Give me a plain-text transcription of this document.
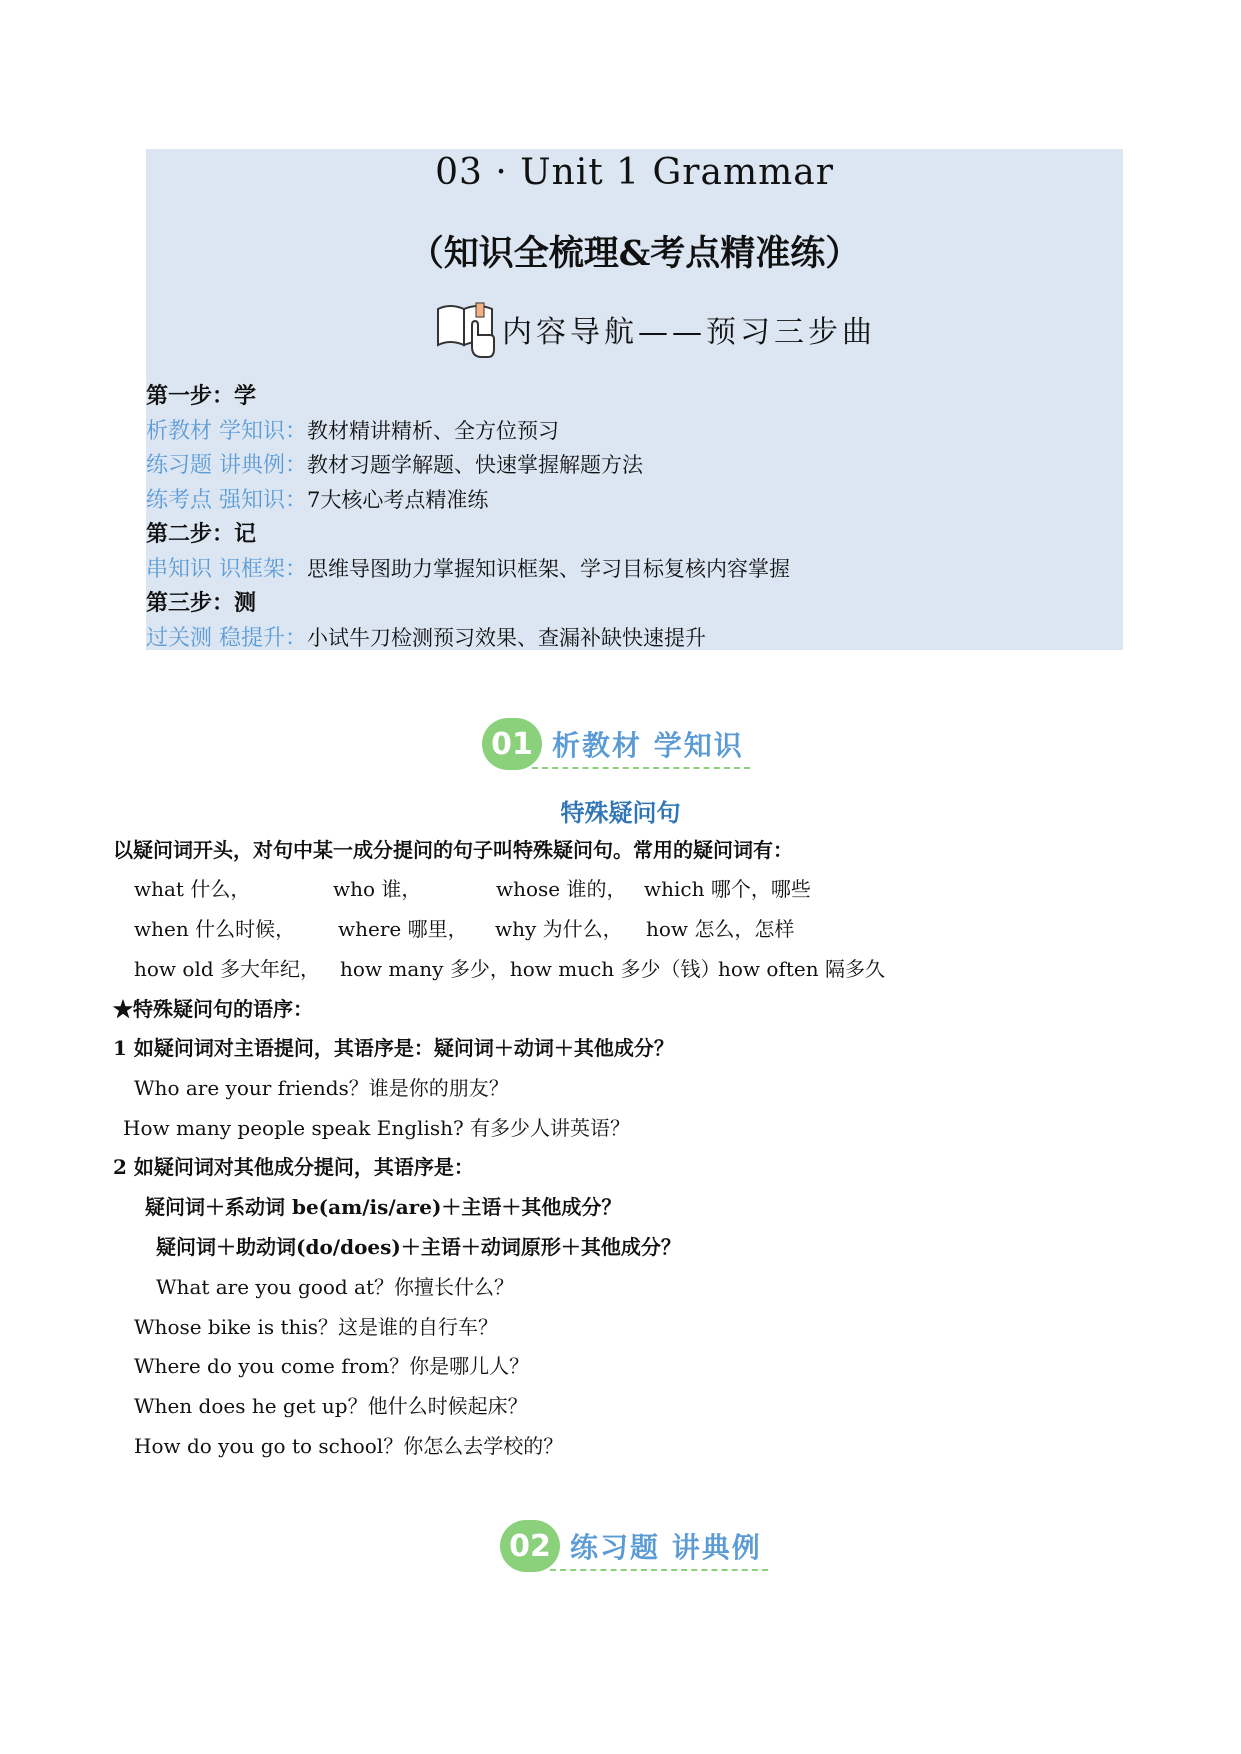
03 · Unit 1 Grammar
（知识全梳理&考点精准练）
内容导航——预习三步曲
第一步：学
析教材 学知识：教材精讲精析、全方位预习
练习题 讲典例：教材习题学解题、快速掌握解题方法
练考点 强知识：7大核心考点精准练
第二步：记
串知识 识框架：思维导图助力掌握知识框架、学习目标复核内容掌握
第三步：测
过关测 稳提升：小试牛刀检测预习效果、查漏补缺快速提升
01 析教材 学知识
特殊疑问句
以疑问词开头，对句中某一成分提问的句子叫特殊疑问句。常用的疑问词有：
what 什么，	who 谁，	whose 谁的， which 哪个，哪些
when 什么时候， where 哪里， why 为什么， how 怎么，怎样
how old 多大年纪， how many 多少，how much 多少（钱）
how often 隔多久
★特殊疑问句的语序：
1 如疑问词对主语提问，其语序是：疑问词＋动词＋其他成分？
Who are your friends？谁是你的朋友？
How many people speak English? 有多少人讲英语？
2 如疑问词对其他成分提问，其语序是：
疑问词＋系动词 be(am/is/are)＋主语＋其他成分？
疑问词＋助动词(do/does)＋主语＋动词原形＋其他成分？
What are you good at？你擅长什么？
Whose bike is this？这是谁的自行车？
Where do you come from？你是哪儿人？
When does he get up？他什么时候起床？
How do you go to school？你怎么去学校的？
02 练习题 讲典例
